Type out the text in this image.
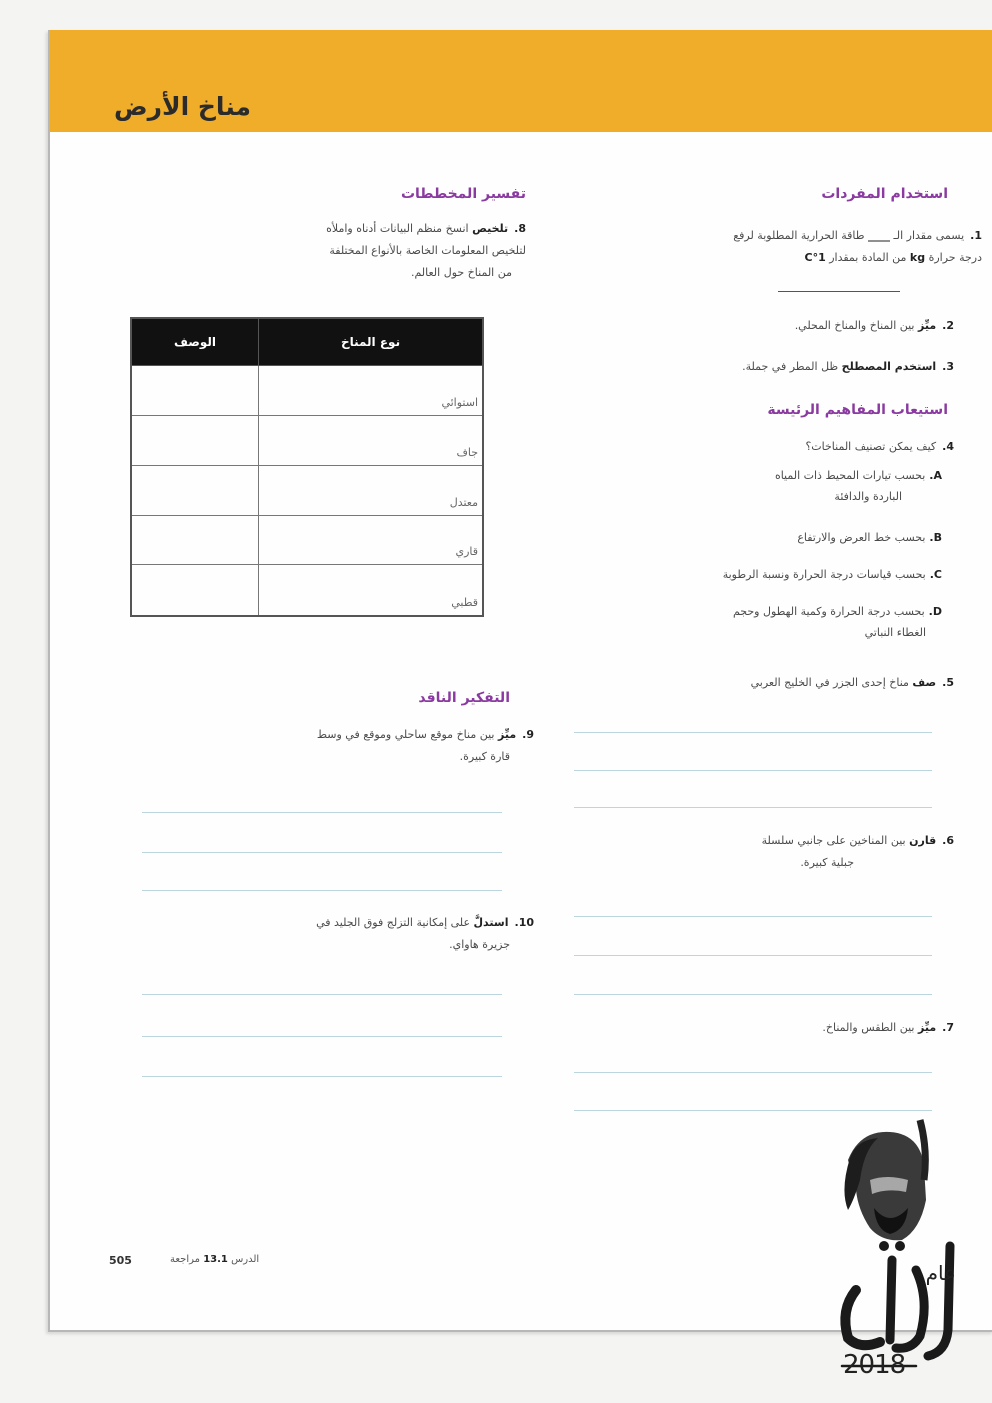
مناخ الأرض
استخدام المفردات
1.يسمى مقدار الـ ____ طاقة الحرارية المطلوبة لرفع
درجة حرارة kg من المادة بمقدار 1°C
2.ميِّز بين المناخ والمناخ المحلي.
3.استخدم المصطلح ظل المطر في جملة.
استيعاب المفاهيم الرئيسة
4.كيف يمكن تصنيف المناخات؟
A.بحسب تيارات المحيط ذات المياه
الباردة والدافئة
B.بحسب خط العرض والارتفاع
C.بحسب قياسات درجة الحرارة ونسبة الرطوبة
D.بحسب درجة الحرارة وكمية الهطول وحجم
الغطاء النباتي
5.صف مناخ إحدى الجزر في الخليج العربي
6.قارن بين المناخين على جانبي سلسلة
جبلية كبيرة.
7.ميِّز بين الطقس والمناخ.
تفسير المخططات
8.تلخيص انسخ منظم البيانات أدناه واملأه
لتلخيص المعلومات الخاصة بالأنواع المختلفة
من المناخ حول العالم.
نوع المناخ	الوصف
استوائي	
جاف	
معتدل	
قاري	
قطبي	
التفكير الناقد
9.ميِّز بين مناخ موقع ساحلي وموقع في وسط
قارة كبيرة.
10.استدلَّ على إمكانية التزلج فوق الجليد في
جزيرة هاواي.
505	الدرس 13.1 مراجعة
عام
زايد
2018
